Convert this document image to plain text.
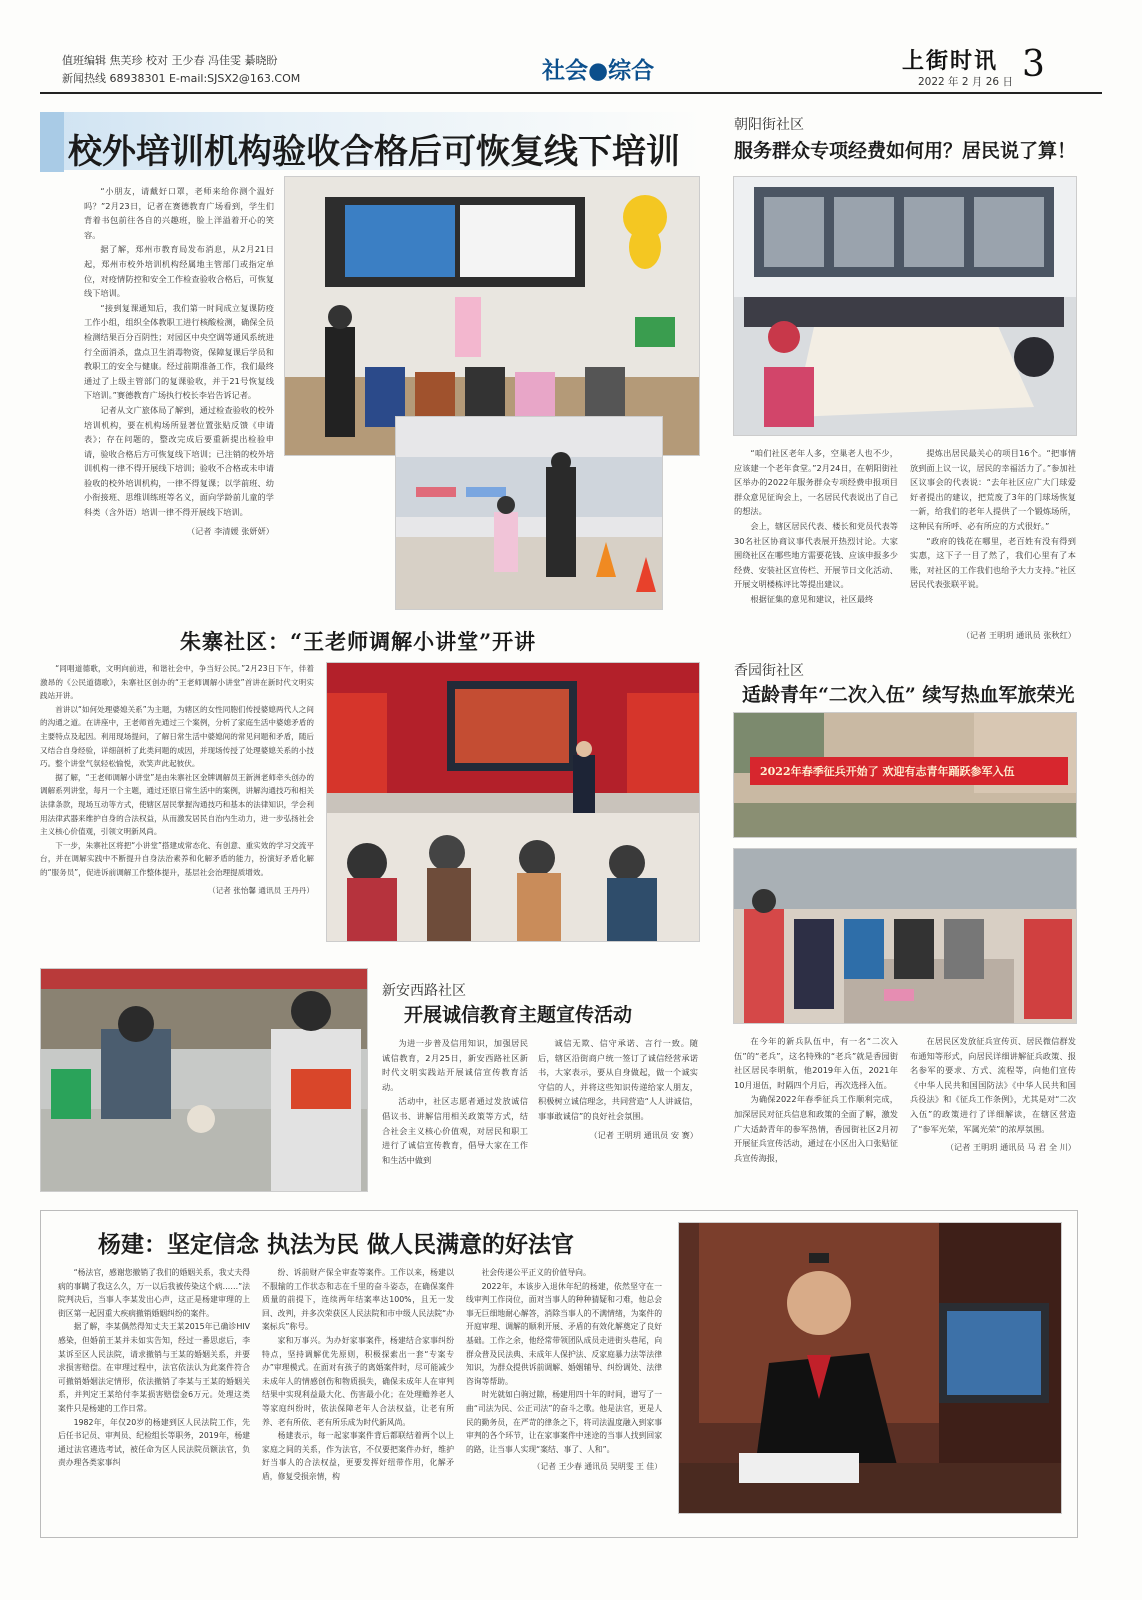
值班编辑 焦芙珍 校对 王少春 冯佳雯 綦晓盼
新闻热线 68938301 E-mail:SJSX2@163.COM	社会●综合	上街时讯
2022 年 2 月 26 日 3
校外培训机构验收合格后可恢复线下培训

“小朋友，请戴好口罩，老师来给你测个温好吗？”2月23日，记者在赛德教育广场看到，学生们背着书包前往各自的兴趣班，脸上洋溢着开心的笑容。

据了解，郑州市教育局发布消息，从2月21日起，郑州市校外培训机构经属地主管部门或指定单位，对疫情防控和安全工作检查验收合格后，可恢复线下培训。

“接到复课通知后，我们第一时间成立复课防疫工作小组，组织全体教职工进行核酸检测，确保全员检测结果百分百阴性；对园区中央空调等通风系统进行全面消杀，盘点卫生消毒物资，保障复课后学员和教职工的安全与健康。经过前期准备工作，我们最终通过了上级主管部门的复课验收，并于21号恢复线下培训。”赛德教育广场执行校长李岩告诉记者。

记者从文广旅体局了解到，通过检查验收的校外培训机构，要在机构场所显著位置张贴反馈《申请表》；存在问题的，整改完成后要重新提出检验申请，验收合格后方可恢复线下培训；已注销的校外培训机构一律不得开展线下培训；验收不合格或未申请验收的校外培训机构，一律不得复课；以学前班、幼小衔接班、思维训练班等名义，面向学龄前儿童的学科类（含外语）培训一律不得开展线下培训。

（记者 李清媛 张妍妍）

朝阳街社区
服务群众专项经费如何用？居民说了算！

“咱们社区老年人多，空巢老人也不少，应该建一个老年食堂。”2月24日，在朝阳街社区举办的2022年服务群众专项经费申报项目群众意见征询会上，一名居民代表说出了自己的想法。

会上，辖区居民代表、楼长和党员代表等30名社区协商议事代表展开热烈讨论。大家围绕社区在哪些地方需要花钱、应该申报多少经费、安装社区宣传栏、开展节日文化活动、开展文明楼栋评比等提出建议。

根据征集的意见和建议，社区最终

提炼出居民最关心的项目16个。“把事情放到面上议一议，居民的幸福活力了。”参加社区议事会的代表说：“去年社区应广大门球爱好者提出的建议，把荒废了3年的门球场恢复一新，给我们的老年人提供了一个锻炼场所，这种民有所呼、必有所应的方式很好。”

“政府的钱花在哪里，老百姓有没有得到实惠，这下子一目了然了，我们心里有了本账，对社区的工作我们也给予大力支持。”社区居民代表张联平说。

（记者 王明玥 通讯员 张秋红）
朱寨社区：“王老师调解小讲堂”开讲

“同唱道德歌，文明向前进，和谐社会中，争当好公民。”2月23日下午，伴着激昂的《公民道德歌》，朱寨社区创办的“王老师调解小讲堂”首讲在新时代文明实践站开讲。

首讲以“如何处理婆媳关系”为主题，为辖区的女性同胞们传授婆媳两代人之间的沟通之道。在讲座中，王老师首先通过三个案例，分析了家庭生活中婆媳矛盾的主要特点及起因。利用现场提问，了解日常生活中婆媳间的常见问题和矛盾，随后又结合自身经验，详细剖析了此类问题的成因，并现场传授了处理婆媳关系的小技巧。整个讲堂气氛轻松愉悦，欢笑声此起彼伏。

据了解，“王老师调解小讲堂”是由朱寨社区金牌调解员王新洲老师牵头创办的调解系列讲堂，每月一个主题，通过还原日常生活中的案例，讲解沟通技巧和相关法律条款，现场互动等方式，使辖区居民掌握沟通技巧和基本的法律知识，学会利用法律武器来维护自身的合法权益，从而激发居民自治内生动力，进一步弘扬社会主义核心价值观，引领文明新风尚。

下一步，朱寨社区将把“小讲堂”搭建成常态化、有创意、重实效的学习交流平台，并在调解实践中不断提升自身法治素养和化解矛盾的能力，扮演好矛盾化解的“服务员”，促进诉前调解工作整体提升，基层社会治理提质增效。

（记者 张怡馨 通讯员 王丹丹）

香园街社区
适龄青年“二次入伍” 续写热血军旅荣光
2022年春季征兵开始了 欢迎有志青年踊跃参军入伍

在今年的新兵队伍中，有一名“二次入伍”的“老兵”，这名特殊的“老兵”就是香园街社区居民李明航，他2019年入伍，2021年10月退伍，时隔四个月后，再次选择入伍。

为确保2022年春季征兵工作顺利完成，加深居民对征兵信息和政策的全面了解，激发广大适龄青年的参军热情，香园街社区2月初开展征兵宣传活动，通过在小区出入口张贴征兵宣传海报，

在居民区发放征兵宣传页、居民微信群发布通知等形式，向居民详细讲解征兵政策、报名参军的要求、方式、流程等，向他们宣传《中华人民共和国国防法》《中华人民共和国兵役法》和《征兵工作条例》，尤其是对“二次入伍”的政策进行了详细解读，在辖区营造了“参军光荣，军属光荣”的浓厚氛围。

（记者 王明玥 通讯员 马 君 全 川）

新安西路社区
开展诚信教育主题宣传活动

为进一步普及信用知识，加强居民诚信教育，2月25日，新安西路社区新时代文明实践站开展诚信宣传教育活动。

活动中，社区志愿者通过发放诚信倡议书、讲解信用相关政策等方式，结合社会主义核心价值观，对居民和职工进行了诚信宣传教育，倡导大家在工作和生活中做到

诚信无欺、信守承诺、言行一致。随后，辖区沿街商户统一签订了诚信经营承诺书，大家表示，要从自身做起，做一个诚实守信的人，并将这些知识传递给家人朋友，积极树立诚信理念，共同营造“人人讲诚信，事事敢诚信”的良好社会氛围。

（记者 王明玥 通讯员 安 赛）

杨建：坚定信念 执法为民 做人民满意的好法官

“杨法官，感谢您撤销了我们的婚姻关系，我丈夫得病的事瞒了我这么久，万一以后我被传染这个病……”法院判决后，当事人李某发出心声，这正是杨建审理的上街区第一起因重大疾病撤销婚姻纠纷的案件。

据了解，李某偶然得知丈夫王某2015年已确诊HIV感染，但婚前王某并未如实告知，经过一番思虑后，李某诉至区人民法院，请求撤销与王某的婚姻关系，并要求损害赔偿。在审理过程中，法官依法认为此案件符合可撤销婚姻法定情形，依法撤销了李某与王某的婚姻关系，并判定王某给付李某损害赔偿金6万元。处理这类案件只是杨建的工作日常。

1982年，年仅20岁的杨建到区人民法院工作，先后任书记员、审判员、纪检组长等职务，2019年，杨建通过法官遴选考试，被任命为区人民法院员额法官，负责办理各类家事纠

纷、诉前财产保全审查等案件。工作以来，杨建以不服输的工作状态和志在千里的奋斗姿态，在确保案件质量的前提下，连续两年结案率达100%，且无一发回、改判，并多次荣获区人民法院和市中级人民法院“办案标兵”称号。

家和万事兴。为办好家事案件，杨建结合家事纠纷特点，坚持调解优先原则，积极探索出一套“专案专办”审理模式。在面对有孩子的离婚案件时，尽可能减少未成年人的情感创伤和物质损失，确保未成年人在审判结果中实现利益最大化、伤害最小化；在处理赡养老人等家庭纠纷时，依法保障老年人合法权益，让老有所养、老有所依、老有所乐成为时代新风尚。

杨建表示，每一起家事案件背后都联结着两个以上家庭之间的关系，作为法官，不仅要把案件办好，维护好当事人的合法权益，更要发挥好纽带作用，化解矛盾，修复受损亲情，构

社会传递公平正义的价值导向。

2022年，本该步入退休年纪的杨建，依然坚守在一线审判工作岗位，面对当事人的种种猜疑和刁难，他总会事无巨细地耐心解答，消除当事人的不满情绪，为案件的开庭审理、调解的顺利开展、矛盾的有效化解奠定了良好基础。工作之余，他经常带领团队成员走进街头巷尾，向群众普及民法典、未成年人保护法、反家庭暴力法等法律知识，为群众提供诉前调解、婚姻辅导、纠纷调处、法律咨询等帮助。

时光就如白驹过隙，杨建用四十年的时间，谱写了一曲“司法为民、公正司法”的奋斗之歌。他是法官，更是人民的勤务员，在严苛的律条之下，将司法温度融入到家事审判的各个环节，让在家事案件中迷途的当事人找到回家的路，让当事人实现“案结、事了、人和”。

（记者 王少春 通讯员 吴明雯 王 佳）
